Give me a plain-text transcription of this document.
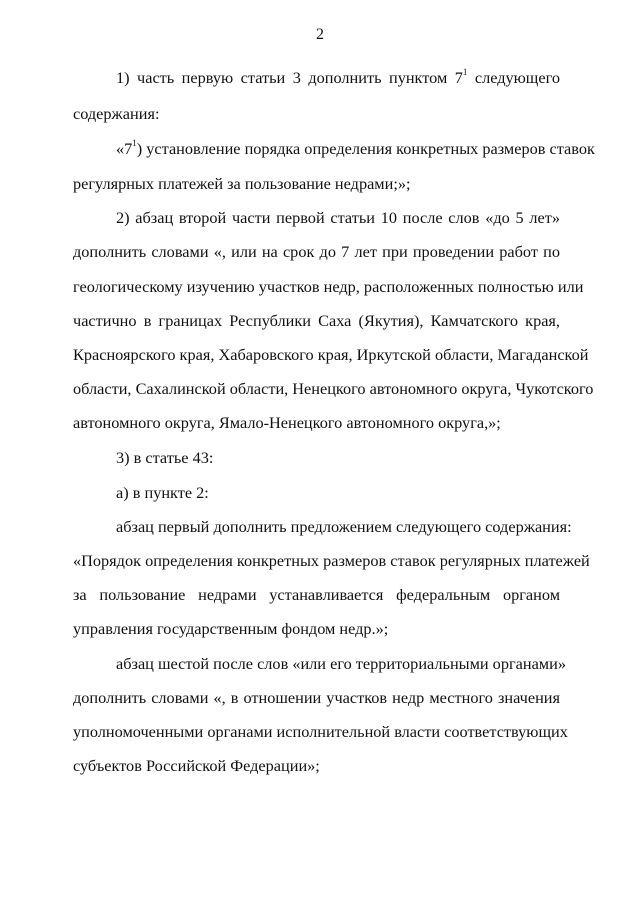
2
1) часть первую статьи 3 дополнить пунктом $7^1$ следующего
содержания:
«$7^1$) установление порядка определения конкретных размеров ставок
регулярных платежей за пользование недрами;»;
2) абзац второй части первой статьи 10 после слов «до 5 лет»
дополнить словами «, или на срок до 7 лет при проведении работ по
геологическому изучению участков недр, расположенных полностью или
частично в границах Республики Саха (Якутия), Камчатского края,
Красноярского края, Хабаровского края, Иркутской области, Магаданской
области, Сахалинской области, Ненецкого автономного округа, Чукотского
автономного округа, Ямало-Ненецкого автономного округа,»;
3) в статье 43:
а) в пункте 2:
абзац первый дополнить предложением следующего содержания:
«Порядок определения конкретных размеров ставок регулярных платежей
за пользование недрами устанавливается федеральным органом
управления государственным фондом недр.»;
абзац шестой после слов «или его территориальными органами»
дополнить словами «, в отношении участков недр местного значения
уполномоченными органами исполнительной власти соответствующих
субъектов Российской Федерации»;
